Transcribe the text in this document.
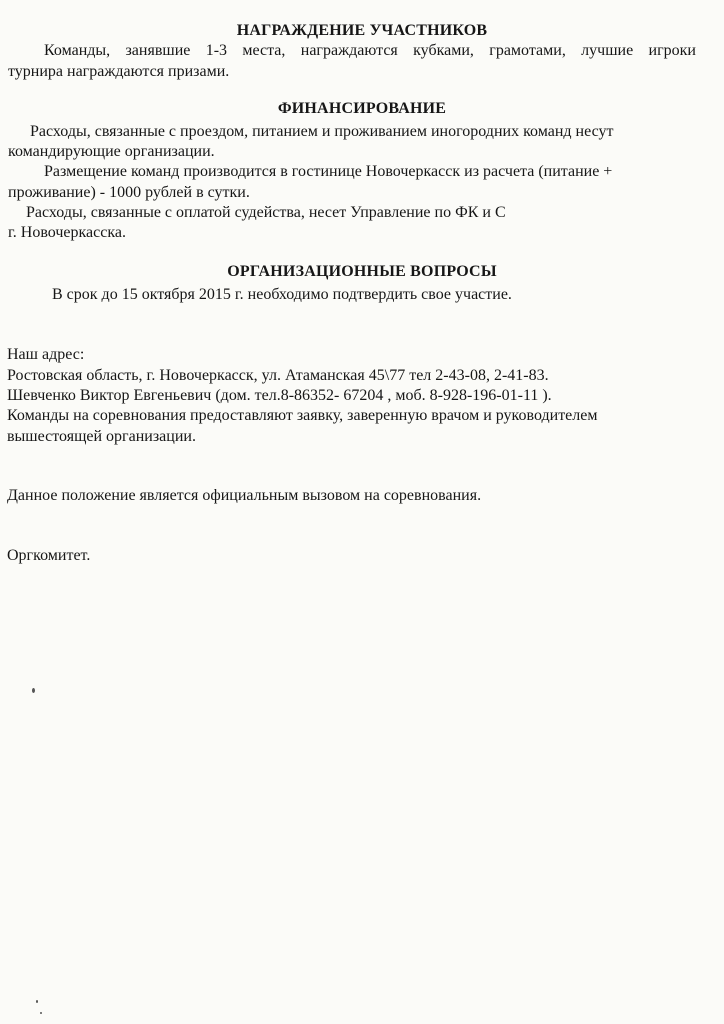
НАГРАЖДЕНИЕ УЧАСТНИКОВ

Команды, занявшие 1-3 места, награждаются кубками, грамотами, лучшие игроки

турнира награждаются призами.

ФИНАНСИРОВАНИЕ

Расходы, связанные с проездом, питанием и проживанием иногородних команд несут

командирующие организации.

Размещение команд производится в гостинице Новочеркасск из расчета (питание +

проживание) - 1000 рублей в сутки.

Расходы, связанные с оплатой судейства, несет Управление по ФК и С

г. Новочеркасска.

ОРГАНИЗАЦИОННЫЕ ВОПРОСЫ

В срок до 15 октября 2015 г. необходимо подтвердить свое участие.

Наш адрес:

Ростовская область, г. Новочеркасск, ул. Атаманская 45\77 тел 2-43-08, 2-41-83.

Шевченко Виктор Евгеньевич (дом. тел.8-86352- 67204 , моб. 8-928-196-01-11 ).

Команды на соревнования предоставляют заявку, заверенную врачом и руководителем

вышестоящей организации.

Данное положение является официальным вызовом на соревнования.

Оргкомитет.
